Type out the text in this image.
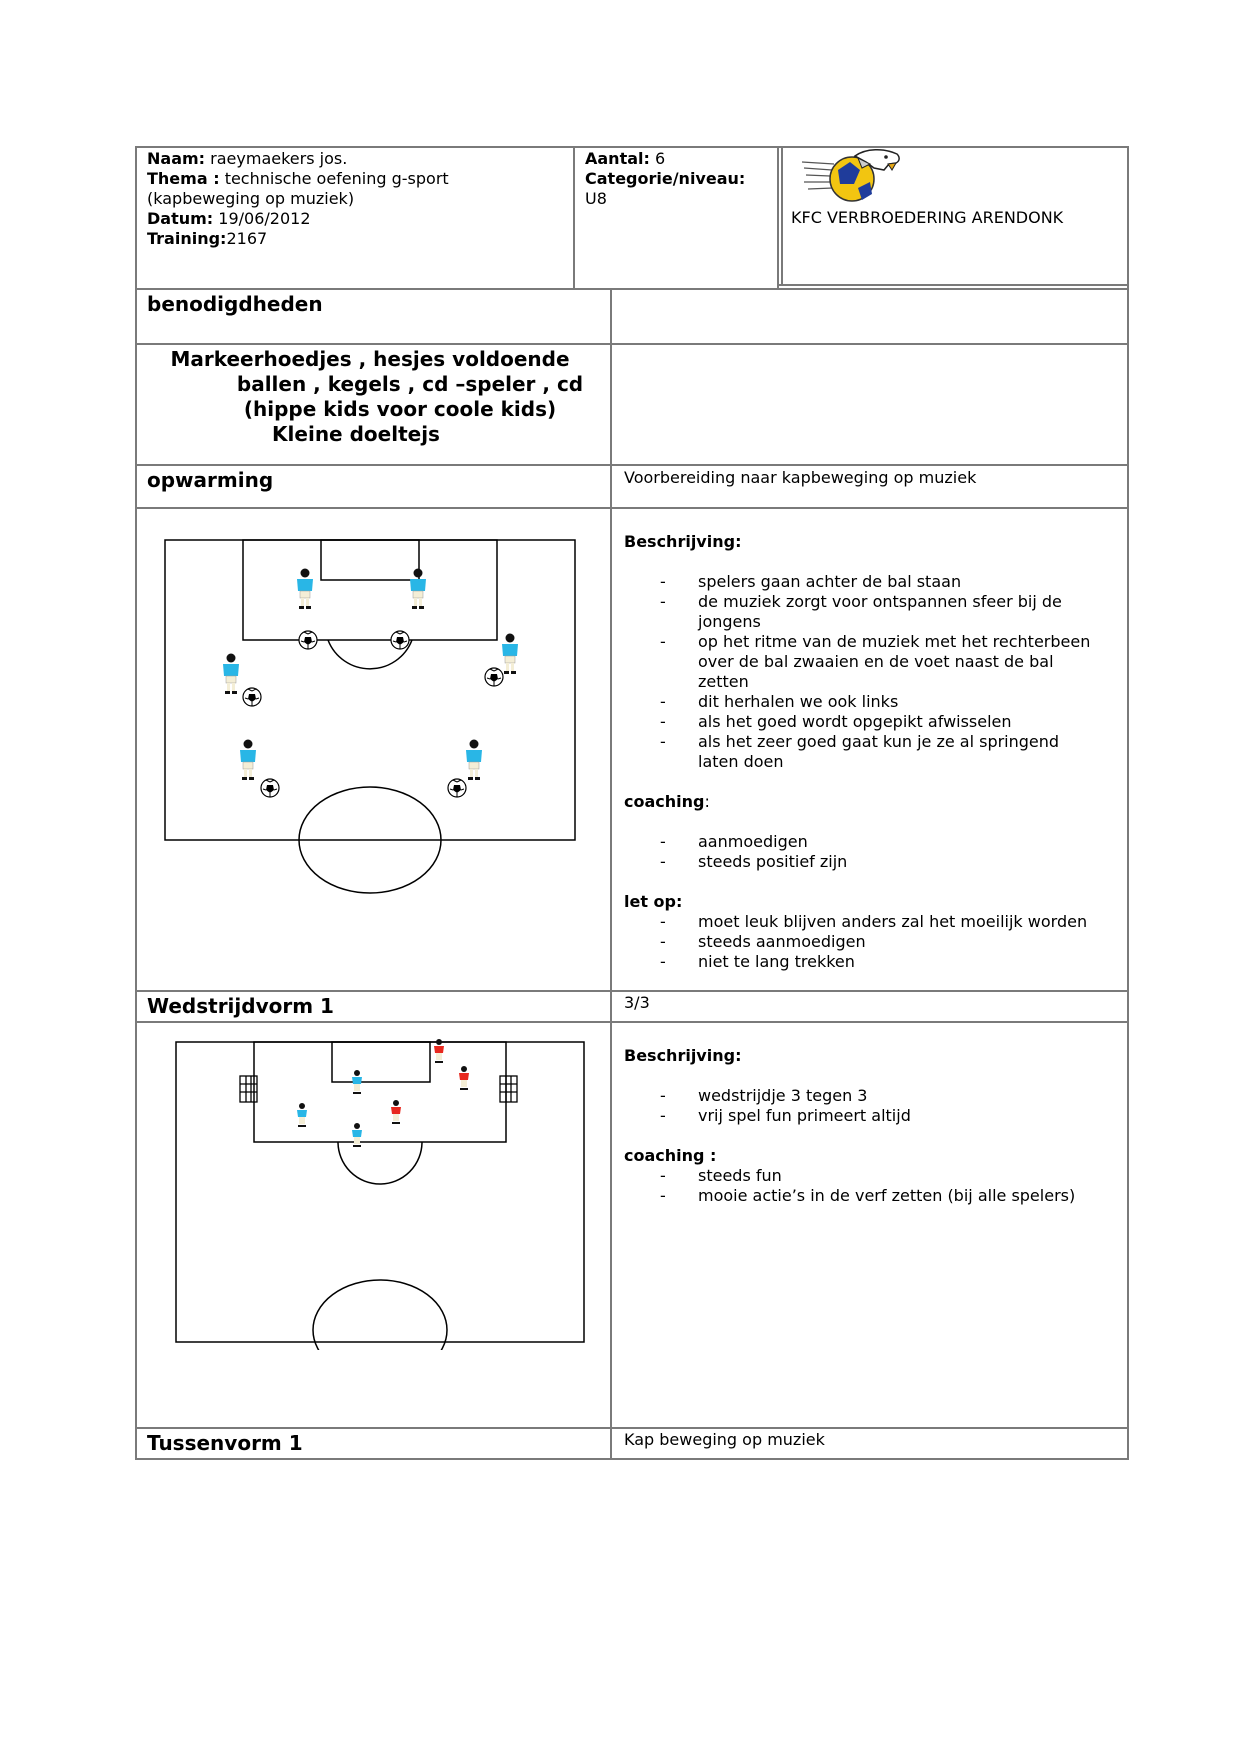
Naam: raeymaekers jos.
Thema : technische oefening g-sport
(kapbeweging op muziek)
Datum: 19/06/2012
Training:2167
Aantal: 6
Categorie/niveau:
U8
KFC VERBROEDERING ARENDONK
benodigdheden
Markeerhoedjes , hesjes voldoende
ballen , kegels , cd –speler , cd
(hippe kids voor coole kids)
Kleine doeltejs
opwarming	Voorbereiding naar kapbeweging op muziek
Beschrijving:
- spelers gaan achter de bal staan
- de muziek zorgt voor ontspannen sfeer bij de
jongens
- op het ritme van de muziek met het rechterbeen
over de bal zwaaien en de voet naast de bal
zetten
- dit herhalen we ook links
- als het goed wordt opgepikt afwisselen
- als het zeer goed gaat kun je ze al springend
laten doen
coaching:
- aanmoedigen
- steeds positief zijn
let op:
- moet leuk blijven anders zal het moeilijk worden
- steeds aanmoedigen
- niet te lang trekken
Wedstrijdvorm 1	3/3
Beschrijving:
- wedstrijdje 3 tegen 3
- vrij spel fun primeert altijd
coaching :
- steeds fun
- mooie actie’s in de verf zetten (bij alle spelers)
Tussenvorm 1	Kap beweging op muziek
